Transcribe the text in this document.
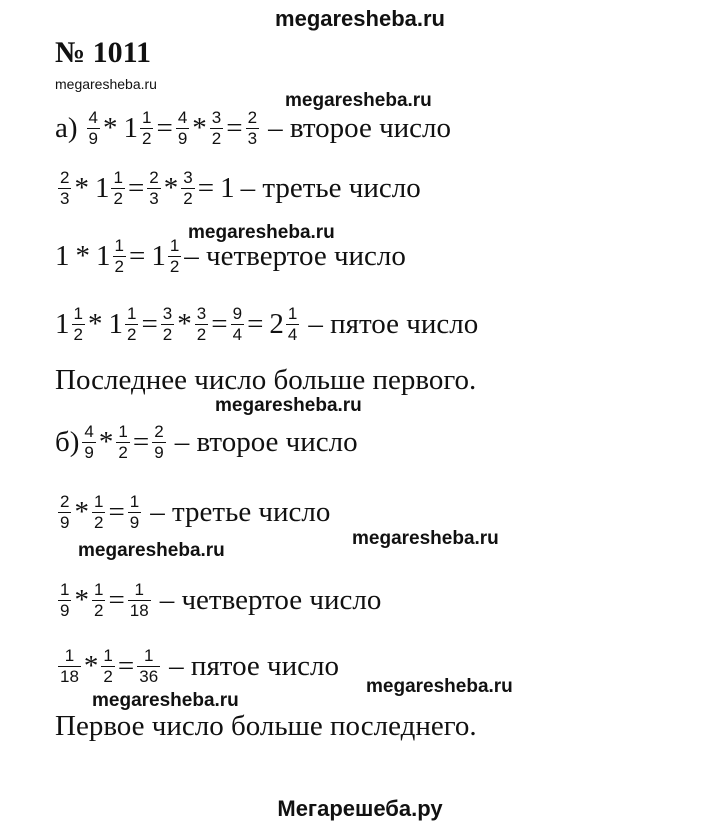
megaresheba.ru
megaresheba.ru
№ 1011
$а) \frac{4}{9} * 1 \frac{1}{2} = \frac{4}{9} * \frac{3}{2} = \frac{2}{3}$ – второе число
megaresheba.ru
$\frac{2}{3} * 1 \frac{1}{2} = \frac{2}{3} * \frac{3}{2} = 1$ – третье число
$1 * 1 \frac{1}{2} = 1 \frac{1}{2}$ – четвертое число
megaresheba.ru
$1 \frac{1}{2} * 1 \frac{1}{2} = \frac{3}{2} * \frac{3}{2} = \frac{9}{4} = 2 \frac{1}{4}$ – пятое число
Последнее число больше первого.
megaresheba.ru
$б) \frac{4}{9} * \frac{1}{2} = \frac{2}{9}$ – второе число
$\frac{2}{9} * \frac{1}{2} = \frac{1}{9}$ – третье число
megaresheba.ru
megaresheba.ru
$\frac{1}{9} * \frac{1}{2} = \frac{1}{18}$ – четвертое число
$\frac{1}{18} * \frac{1}{2} = \frac{1}{36}$ – пятое число
megaresheba.ru
megaresheba.ru
Первое число больше последнего.
Мегарешеба.ру
